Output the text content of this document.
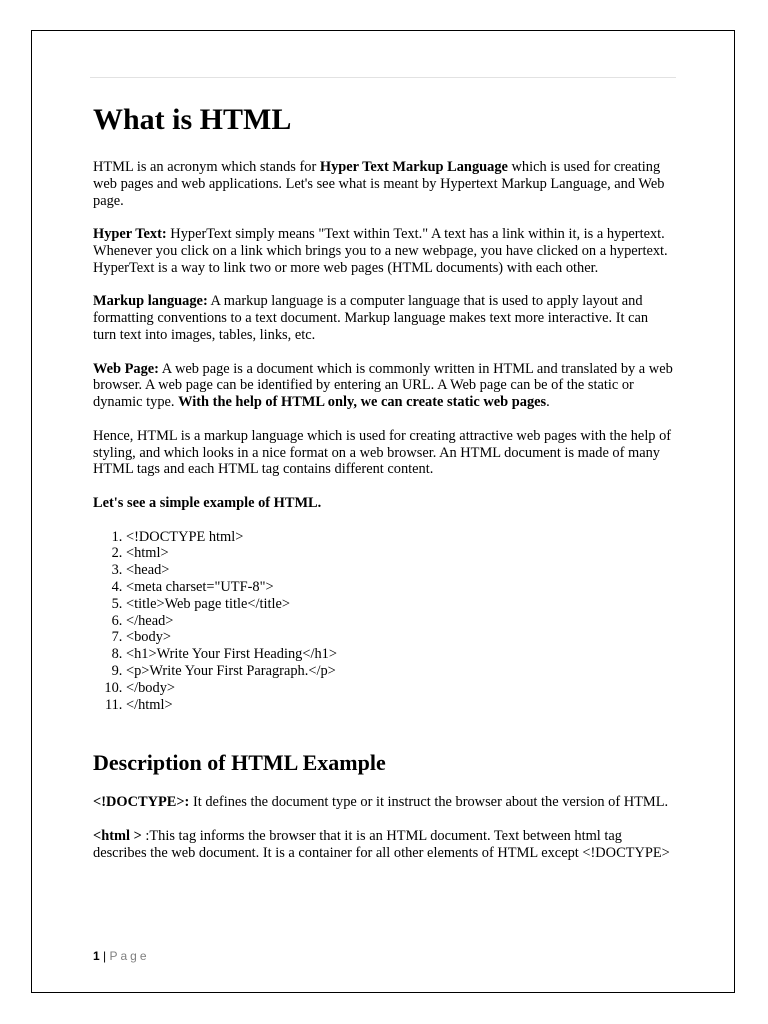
What is HTML

HTML is an acronym which stands for Hyper Text Markup Language which is used for creating web pages and web applications. Let's see what is meant by Hypertext Markup Language, and Web page.

Hyper Text: HyperText simply means "Text within Text." A text has a link within it, is a hypertext. Whenever you click on a link which brings you to a new webpage, you have clicked on a hypertext. HyperText is a way to link two or more web pages (HTML documents) with each other.

Markup language: A markup language is a computer language that is used to apply layout and formatting conventions to a text document. Markup language makes text more interactive. It can turn text into images, tables, links, etc.

Web Page: A web page is a document which is commonly written in HTML and translated by a web browser. A web page can be identified by entering an URL. A Web page can be of the static or dynamic type. With the help of HTML only, we can create static web pages.

Hence, HTML is a markup language which is used for creating attractive web pages with the help of styling, and which looks in a nice format on a web browser. An HTML document is made of many HTML tags and each HTML tag contains different content.

Let's see a simple example of HTML.

1. <!DOCTYPE html>
2. <html>
3. <head>
4. <meta charset="UTF-8">
5. <title>Web page title</title>
6. </head>
7. <body>
8. <h1>Write Your First Heading</h1>
9. <p>Write Your First Paragraph.</p>
10. </body>
11. </html>
Description of HTML Example

<!DOCTYPE>: It defines the document type or it instruct the browser about the version of HTML.

<html > :This tag informs the browser that it is an HTML document. Text between html tag describes the web document. It is a container for all other elements of HTML except <!DOCTYPE>

1 | Page
